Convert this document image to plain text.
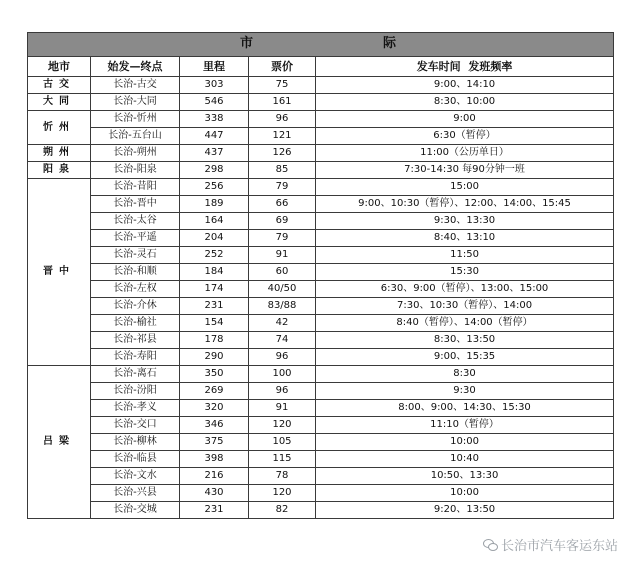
市 际				

地市	始发—终点	里程	票价	发车时间  发班频率
古交	长治-古交	303	75	9:00、14:10
大同	长治-大同	546	161	8:30、10:00
忻州	长治-忻州	338	96	9:00
	长治-五台山	447	121	6:30（暂停）
朔州	长治-朔州	437	126	11:00（公历单日）
阳泉	长治-阳泉	298	85	7:30-14:30 每90分钟一班
晋中	长治-昔阳	256	79	15:00
	长治-晋中	189	66	9:00、10:30（暂停）、12:00、14:00、15:45
	长治-太谷	164	69	9:30、13:30
	长治-平遥	204	79	8:40、13:10
	长治-灵石	252	91	11:50
	长治-和顺	184	60	15:30
	长治-左权	174	40/50	6:30、9:00（暂停）、13:00、15:00
	长治-介休	231	83/88	7:30、10:30（暂停）、14:00
	长治-榆社	154	42	8:40（暂停）、14:00（暂停）
	长治-祁县	178	74	8:30、13:50
	长治-寿阳	290	96	9:00、15:35
吕梁	长治-离石	350	100	8:30
	长治-汾阳	269	96	9:30
	长治-孝义	320	91	8:00、9:00、14:30、15:30
	长治-交口	346	120	11:10（暂停）
	长治-柳林	375	105	10:00
	长治-临县	398	115	10:40
	长治-文水	216	78	10:50、13:30
	长治-兴县	430	120	10:00
	长治-交城	231	82	9:20、13:50
长治市汽车客运东站
